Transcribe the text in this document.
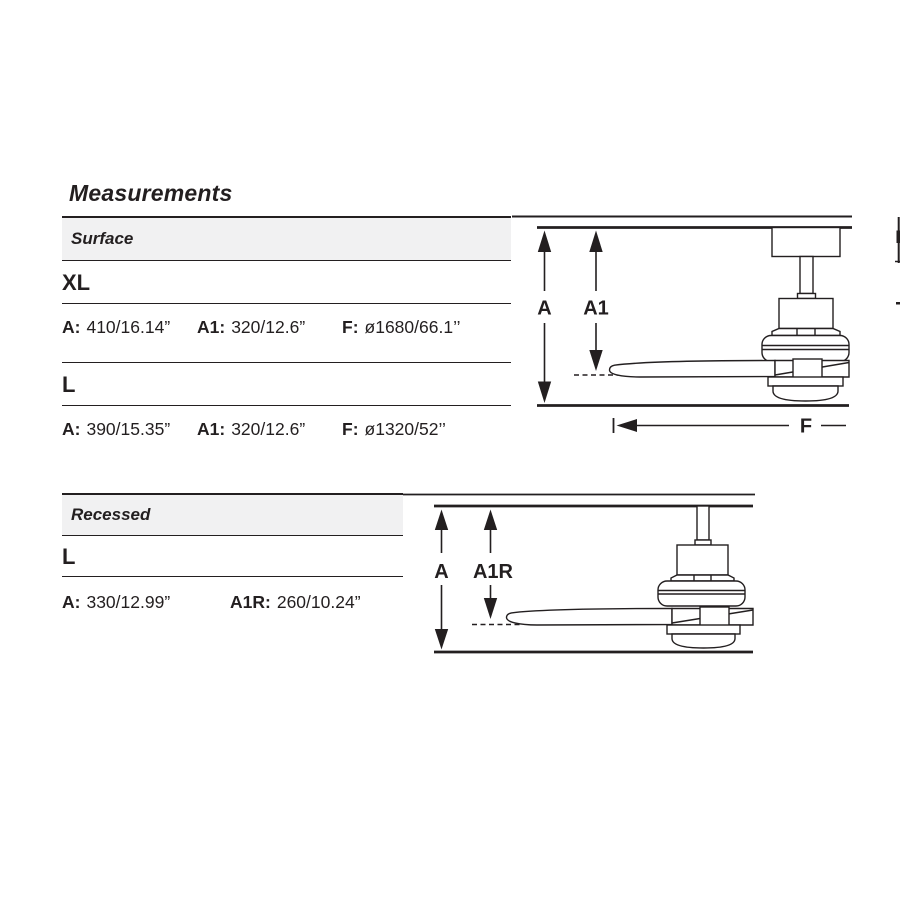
Measurements
Surface
XL
A: 410/16.14”	A1: 320/12.6”	F: ø1680/66.1’’
L
A: 390/15.35”	A1: 320/12.6”	F: ø1320/52’’
Recessed
L
A: 330/12.99”	A1R: 260/10.24”
A A1
F
A A1R
